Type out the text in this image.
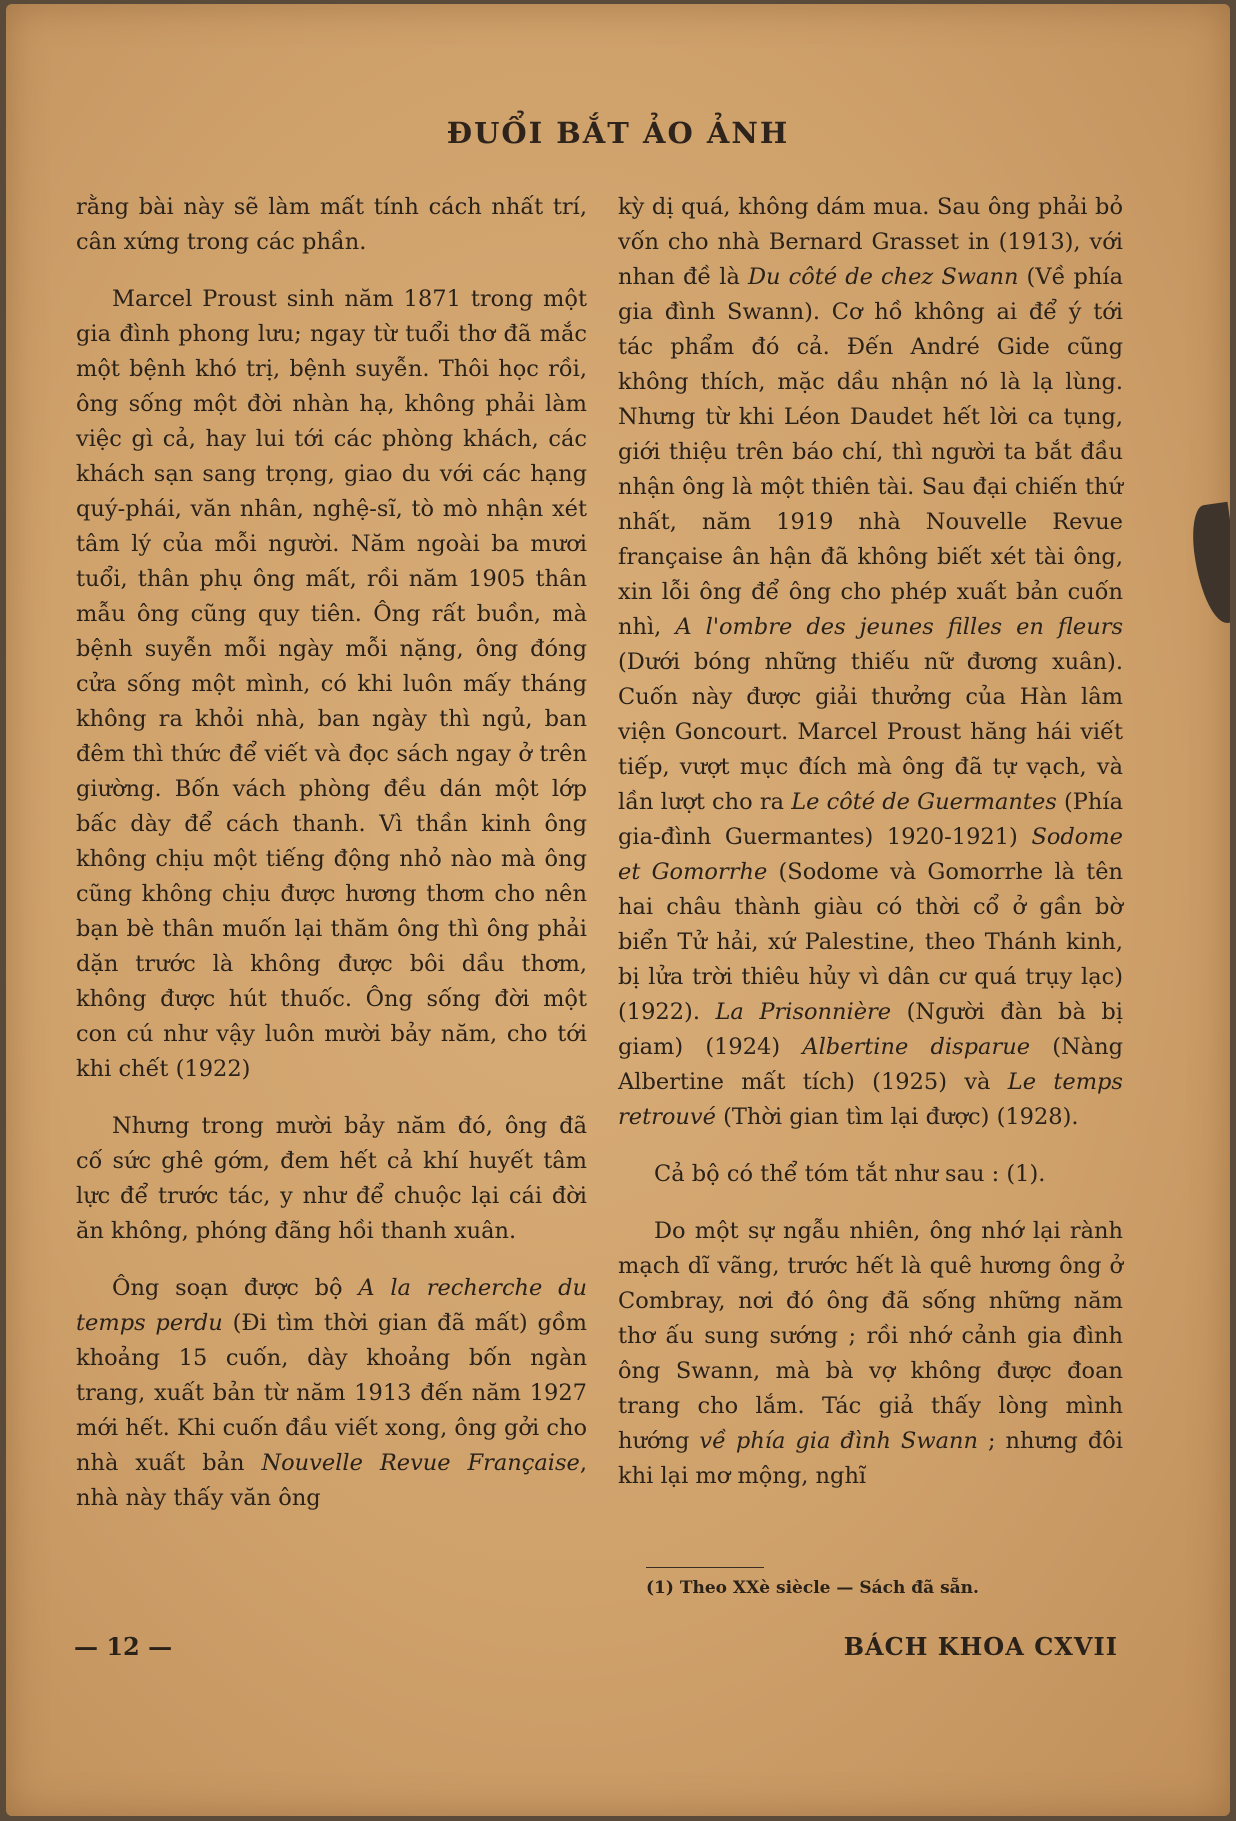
ĐUỔI BẮT ẢO ẢNH

rằng bài này sẽ làm mất tính cách nhất trí, cân xứng trong các phần.

Marcel Proust sinh năm 1871 trong một gia đình phong lưu; ngay từ tuổi thơ đã mắc một bệnh khó trị, bệnh suyễn. Thôi học rồi, ông sống một đời nhàn hạ, không phải làm việc gì cả, hay lui tới các phòng khách, các khách sạn sang trọng, giao du với các hạng quý-phái, văn nhân, nghệ-sĩ, tò mò nhận xét tâm lý của mỗi người. Năm ngoài ba mươi tuổi, thân phụ ông mất, rồi năm 1905 thân mẫu ông cũng quy tiên. Ông rất buồn, mà bệnh suyễn mỗi ngày mỗi nặng, ông đóng cửa sống một mình, có khi luôn mấy tháng không ra khỏi nhà, ban ngày thì ngủ, ban đêm thì thức để viết và đọc sách ngay ở trên giường. Bốn vách phòng đều dán một lớp bấc dày để cách thanh. Vì thần kinh ông không chịu một tiếng động nhỏ nào mà ông cũng không chịu được hương thơm cho nên bạn bè thân muốn lại thăm ông thì ông phải dặn trước là không được bôi dầu thơm, không được hút thuốc. Ông sống đời một con cú như vậy luôn mười bảy năm, cho tới khi chết (1922)

Nhưng trong mười bảy năm đó, ông đã cố sức ghê gớm, đem hết cả khí huyết tâm lực để trước tác, y như để chuộc lại cái đời ăn không, phóng đãng hồi thanh xuân.

Ông soạn được bộ A la recherche du temps perdu (Đi tìm thời gian đã mất) gồm khoảng 15 cuốn, dày khoảng bốn ngàn trang, xuất bản từ năm 1913 đến năm 1927 mới hết. Khi cuốn đầu viết xong, ông gởi cho nhà xuất bản Nouvelle Revue Française, nhà này thấy văn ông

kỳ dị quá, không dám mua. Sau ông phải bỏ vốn cho nhà Bernard Grasset in (1913), với nhan đề là Du côté de chez Swann (Về phía gia đình Swann). Cơ hồ không ai để ý tới tác phẩm đó cả. Đến André Gide cũng không thích, mặc dầu nhận nó là lạ lùng. Nhưng từ khi Léon Daudet hết lời ca tụng, giới thiệu trên báo chí, thì người ta bắt đầu nhận ông là một thiên tài. Sau đại chiến thứ nhất, năm 1919 nhà Nouvelle Revue française ân hận đã không biết xét tài ông, xin lỗi ông để ông cho phép xuất bản cuốn nhì, A l'ombre des jeunes filles en fleurs (Dưới bóng những thiếu nữ đương xuân). Cuốn này được giải thưởng của Hàn lâm viện Goncourt. Marcel Proust hăng hái viết tiếp, vượt mục đích mà ông đã tự vạch, và lần lượt cho ra Le côté de Guermantes (Phía gia-đình Guermantes) 1920-1921) Sodome et Gomorrhe (Sodome và Gomorrhe là tên hai châu thành giàu có thời cổ ở gần bờ biển Tử hải, xứ Palestine, theo Thánh kinh, bị lửa trời thiêu hủy vì dân cư quá trụy lạc) (1922). La Prisonnière (Người đàn bà bị giam) (1924) Albertine disparue (Nàng Albertine mất tích) (1925) và Le temps retrouvé (Thời gian tìm lại được) (1928).

Cả bộ có thể tóm tắt như sau : (1).

Do một sự ngẫu nhiên, ông nhớ lại rành mạch dĩ vãng, trước hết là quê hương ông ở Combray, nơi đó ông đã sống những năm thơ ấu sung sướng ; rồi nhớ cảnh gia đình ông Swann, mà bà vợ không được đoan trang cho lắm. Tác giả thấy lòng mình hướng về phía gia đình Swann ; nhưng đôi khi lại mơ mộng, nghĩ

(1) Theo XXè siècle — Sách đã sẵn.
— 12 —	BÁCH KHOA CXVII
